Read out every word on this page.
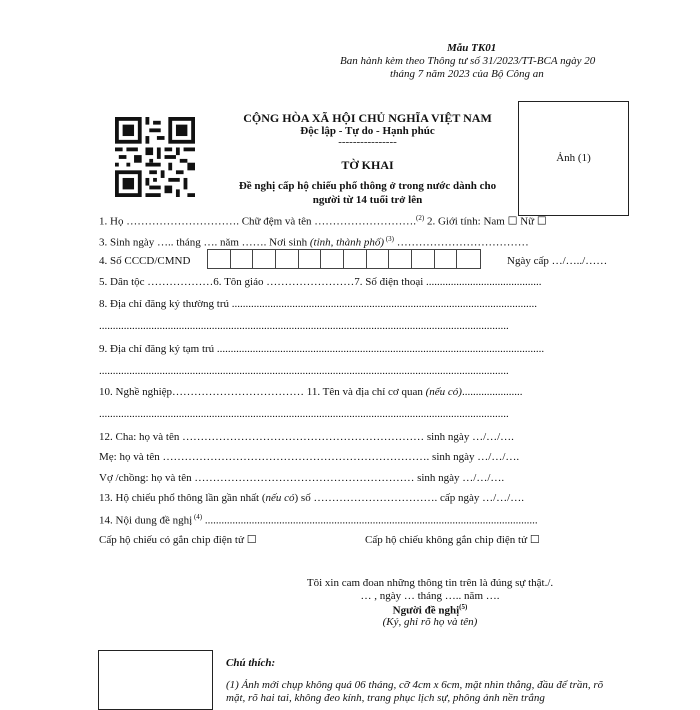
Mẫu TK01
Ban hành kèm theo Thông tư số 31/2023/TT-BCA ngày 20
tháng 7 năm 2023 của Bộ Công an
CỘNG HÒA XÃ HỘI CHỦ NGHĨA VIỆT NAM
Độc lập - Tự do - Hạnh phúc
----------------
TỜ KHAI
Đề nghị cấp hộ chiếu phổ thông ở trong nước dành cho
người từ 14 tuổi trở lên
Ảnh (1)
1. Họ …………………………. Chữ đệm và tên ……………………….$^{(2)}$ 2. Giới tính: Nam ☐ Nữ ☐
3. Sinh ngày ….. tháng …. năm ……. Nơi sinh (tỉnh, thành phố) $^{(3)}$ ………………………………
4. Số CCCD/CMND	Ngày cấp …/…../……
5. Dân tộc ………………6. Tôn giáo ……………………7. Số điện thoại ..........................................
8. Địa chỉ đăng ký thường trú ...............................................................................................................
.....................................................................................................................................................
9. Địa chỉ đăng ký tạm trú .......................................................................................................................
.....................................................................................................................................................
10. Nghề nghiệp……………………………… 11. Tên và địa chỉ cơ quan (nếu có)......................
.....................................................................................................................................................
12. Cha: họ và tên ………………………………………………………… sinh ngày …/…/….
Mẹ: họ và tên ………………………………………………………………. sinh ngày …/…/….
Vợ /chồng: họ và tên …………………………………………………… sinh ngày …/…/….
13. Hộ chiếu phổ thông lần gần nhất (nếu có) số ……………………………. cấp ngày …/…/….
14. Nội dung đề nghị $^{(4)}$ .........................................................................................................................
Cấp hộ chiếu có gắn chip điện tử ☐	Cấp hộ chiếu không gắn chip điện tử ☐
Tôi xin cam đoan những thông tin trên là đúng sự thật./.
… , ngày … tháng ….. năm ….
Người đề nghị$^{(5)}$
(Ký, ghi rõ họ và tên)
Chú thích:
(1) Ảnh mới chụp không quá 06 tháng, cỡ 4cm x 6cm, mặt nhìn thẳng, đầu để trần, rõ
mặt, rõ hai tai, không đeo kính, trang phục lịch sự, phông ảnh nền trắng
